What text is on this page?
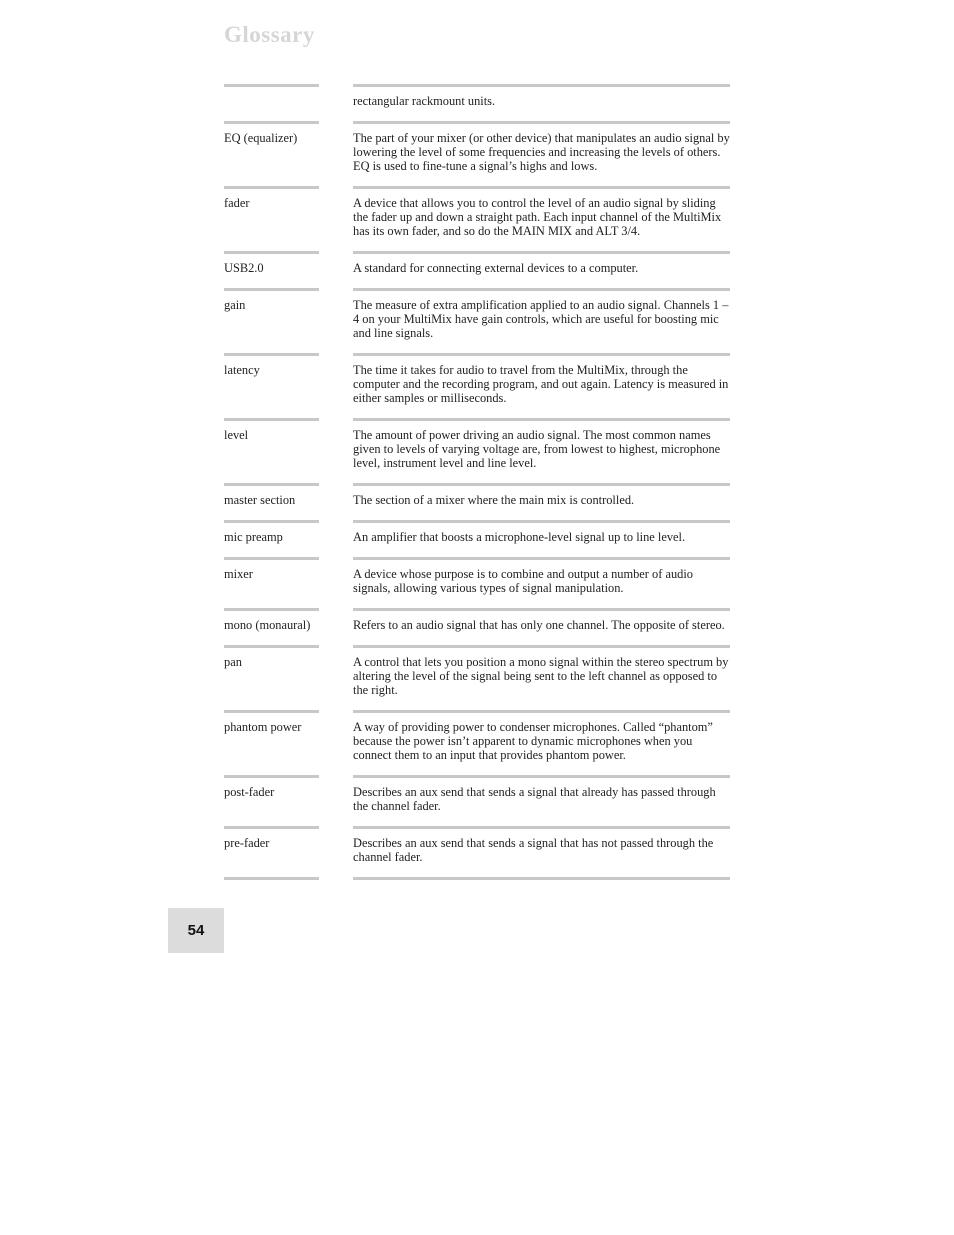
Glossary
rectangular rackmount units.
EQ (equalizer)	The part of your mixer (or other device) that manipulates an audio signal by lowering the level of some frequencies and increasing the levels of others. EQ is used to fine-tune a signal’s highs and lows.
fader	A device that allows you to control the level of an audio signal by sliding the fader up and down a straight path. Each input channel of the MultiMix has its own fader, and so do the MAIN MIX and ALT 3/4.
USB2.0	A standard for connecting external devices to a computer.
gain	The measure of extra amplification applied to an audio signal. Channels 1 – 4 on your MultiMix have gain controls, which are useful for boosting mic and line signals.
latency	The time it takes for audio to travel from the MultiMix, through the computer and the recording program, and out again. Latency is measured in either samples or milliseconds.
level	The amount of power driving an audio signal. The most common names given to levels of varying voltage are, from lowest to highest, microphone level, instrument level and line level.
master section	The section of a mixer where the main mix is controlled.
mic preamp	An amplifier that boosts a microphone-level signal up to line level.
mixer	A device whose purpose is to combine and output a number of audio signals, allowing various types of signal manipulation.
mono (monaural)	Refers to an audio signal that has only one channel. The opposite of stereo.
pan	A control that lets you position a mono signal within the stereo spectrum by altering the level of the signal being sent to the left channel as opposed to the right.
phantom power	A way of providing power to condenser microphones. Called “phantom” because the power isn’t apparent to dynamic microphones when you connect them to an input that provides phantom power.
post-fader	Describes an aux send that sends a signal that already has passed through the channel fader.
pre-fader	Describes an aux send that sends a signal that has not passed through the channel fader.
54
